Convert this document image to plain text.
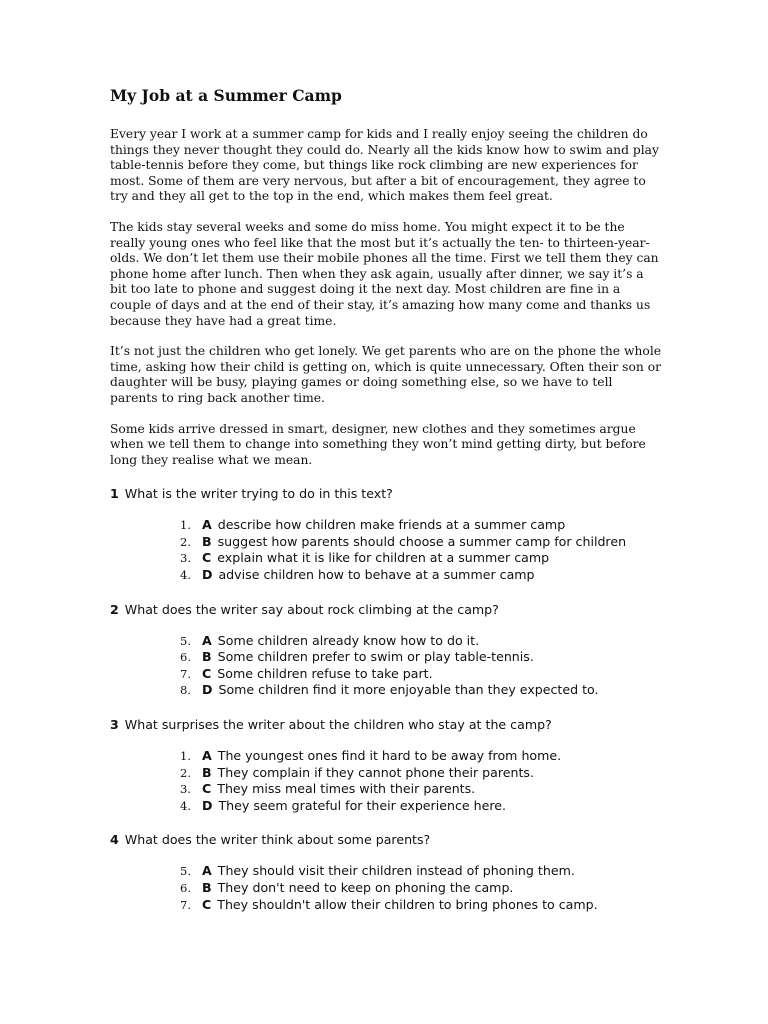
My Job at a Summer Camp

Every year I work at a summer camp for kids and I really enjoy seeing the children do things they never thought they could do. Nearly all the kids know how to swim and play table-tennis before they come, but things like rock climbing are new experiences for most. Some of them are very nervous, but after a bit of encouragement, they agree to try and they all get to the top in the end, which makes them feel great.

The kids stay several weeks and some do miss home. You might expect it to be the really young ones who feel like that the most but it’s actually the ten- to thirteen-year-olds. We don’t let them use their mobile phones all the time. First we tell them they can phone home after lunch. Then when they ask again, usually after dinner, we say it’s a bit too late to phone and suggest doing it the next day. Most children are fine in a couple of days and at the end of their stay, it’s amazing how many come and thanks us because they have had a great time.

It’s not just the children who get lonely. We get parents who are on the phone the whole time, asking how their child is getting on, which is quite unnecessary. Often their son or daughter will be busy, playing games or doing something else, so we have to tell parents to ring back another time.

Some kids arrive dressed in smart, designer, new clothes and they sometimes argue when we tell them to change into something they won’t mind getting dirty, but before long they realise what we mean.

1 What is the writer trying to do in this text?
1. A describe how children make friends at a summer camp
2. B suggest how parents should choose a summer camp for children
3. C explain what it is like for children at a summer camp
4. D advise children how to behave at a summer camp
2 What does the writer say about rock climbing at the camp?
5. A Some children already know how to do it.
6. B Some children prefer to swim or play table-tennis.
7. C Some children refuse to take part.
8. D Some children find it more enjoyable than they expected to.
3 What surprises the writer about the children who stay at the camp?
1. A The youngest ones find it hard to be away from home.
2. B They complain if they cannot phone their parents.
3. C They miss meal times with their parents.
4. D They seem grateful for their experience here.
4 What does the writer think about some parents?
5. A They should visit their children instead of phoning them.
6. B They don't need to keep on phoning the camp.
7. C They shouldn't allow their children to bring phones to camp.
